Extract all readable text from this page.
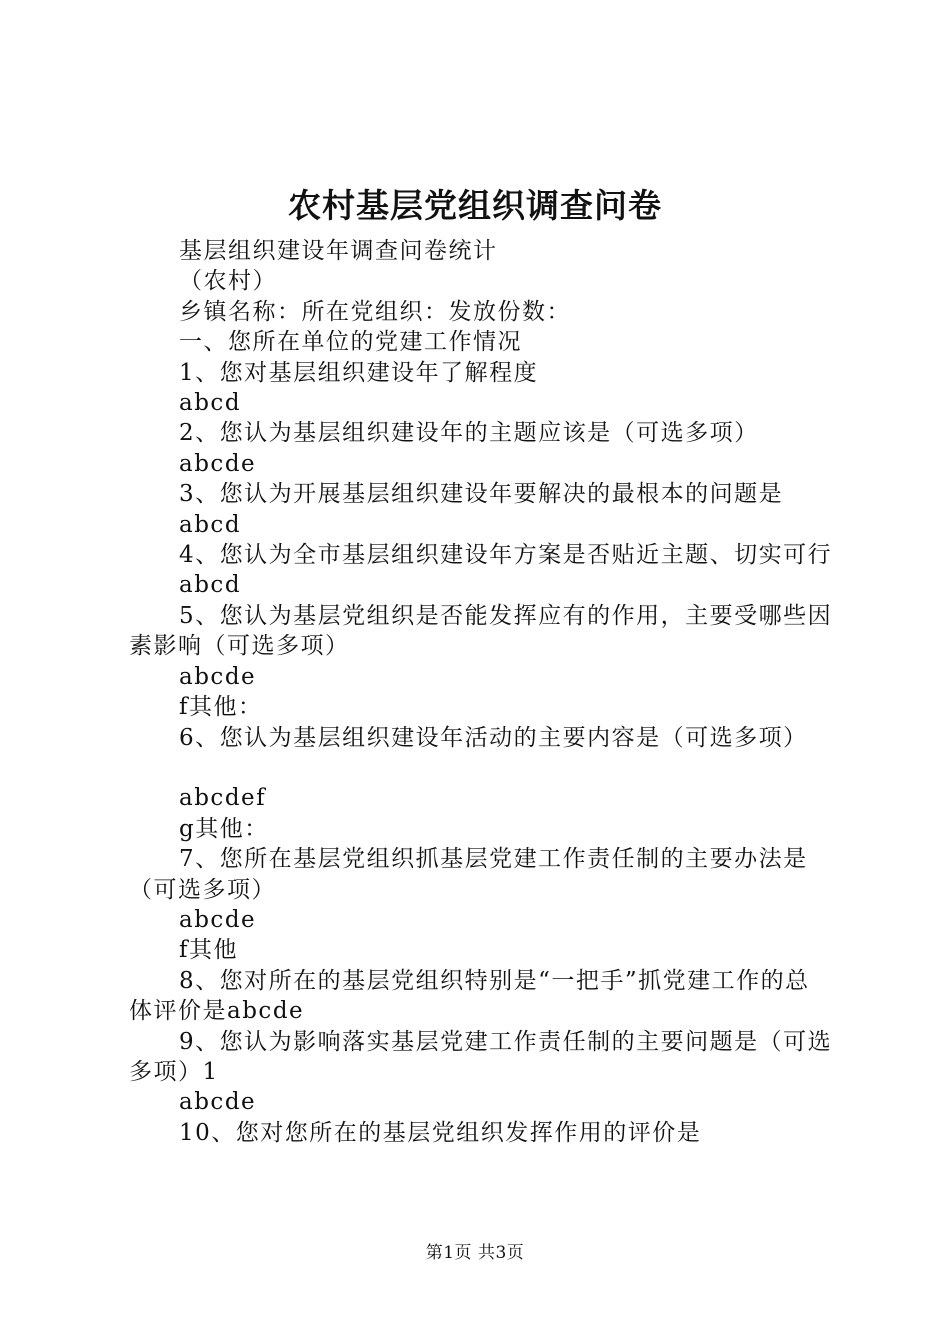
农村基层党组织调查问卷

基层组织建设年调查问卷统计

（农村）

乡镇名称：所在党组织：发放份数：

一、您所在单位的党建工作情况

1、您对基层组织建设年了解程度

abcd

2、您认为基层组织建设年的主题应该是（可选多项）

abcde

3、您认为开展基层组织建设年要解决的最根本的问题是

abcd

4、您认为全市基层组织建设年方案是否贴近主题、切实可行

abcd

5、您认为基层党组织是否能发挥应有的作用，主要受哪些因素影响（可选多项）

abcde

f其他：

6、您认为基层组织建设年活动的主要内容是（可选多项）

abcdef

g其他：

7、您所在基层党组织抓基层党建工作责任制的主要办法是（可选多项）

abcde

f其他

8、您对所在的基层党组织特别是“一把手”抓党建工作的总体评价是abcde

9、您认为影响落实基层党建工作责任制的主要问题是（可选多项）1

abcde

10、您对您所在的基层党组织发挥作用的评价是

第1页 共3页
